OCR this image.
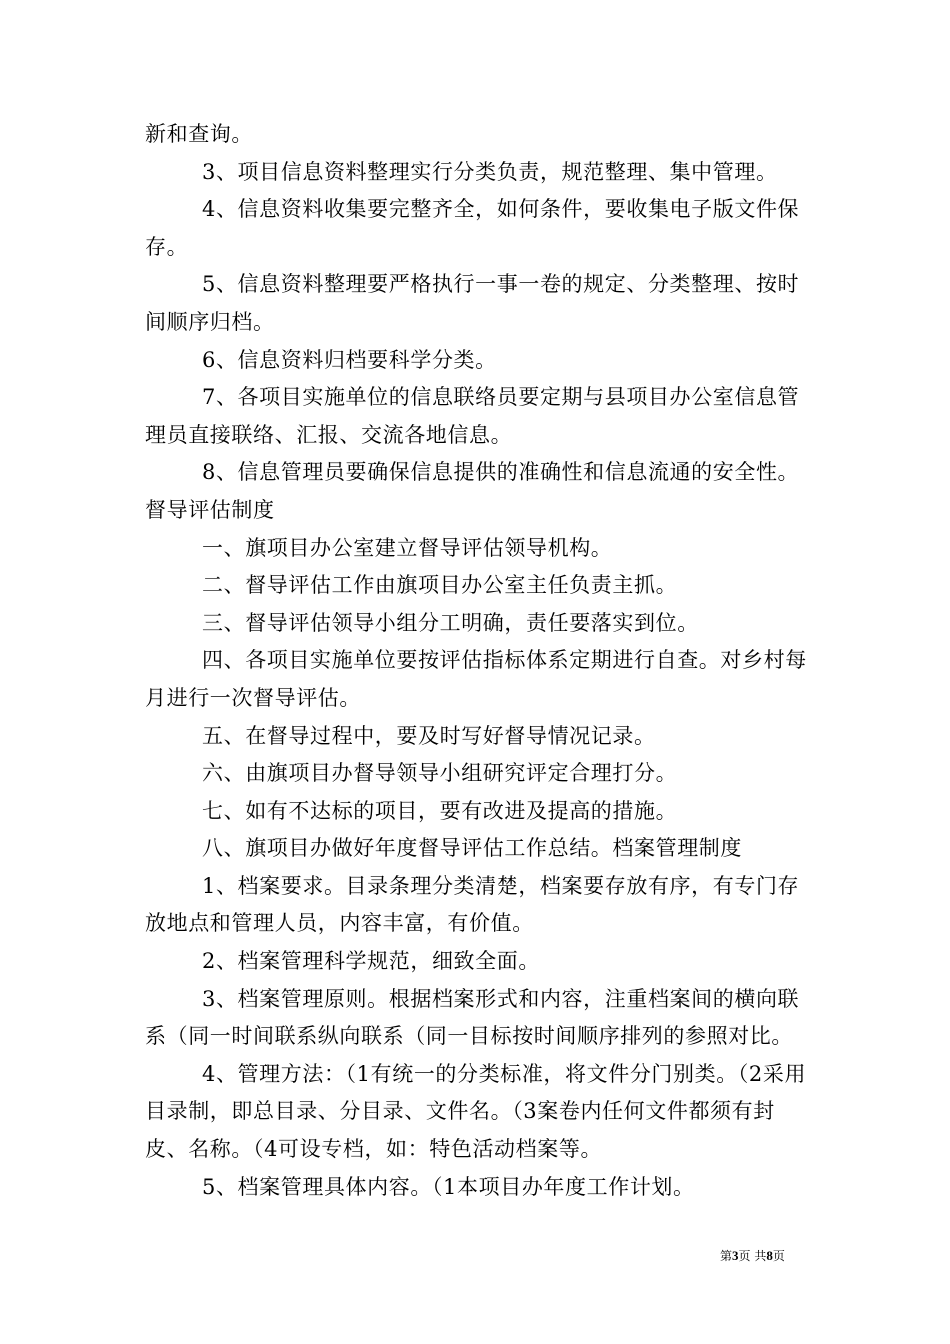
新和查询。

3、项目信息资料整理实行分类负责，规范整理、集中管理。

4、信息资料收集要完整齐全，如何条件，要收集电子版文件保存。

5、信息资料整理要严格执行一事一卷的规定、分类整理、按时间顺序归档。

6、信息资料归档要科学分类。

7、各项目实施单位的信息联络员要定期与县项目办公室信息管理员直接联络、汇报、交流各地信息。

8、信息管理员要确保信息提供的准确性和信息流通的安全性。

督导评估制度

一、旗项目办公室建立督导评估领导机构。

二、督导评估工作由旗项目办公室主任负责主抓。

三、督导评估领导小组分工明确，责任要落实到位。

四、各项目实施单位要按评估指标体系定期进行自查。对乡村每月进行一次督导评估。

五、在督导过程中，要及时写好督导情况记录。

六、由旗项目办督导领导小组研究评定合理打分。

七、如有不达标的项目，要有改进及提高的措施。

八、旗项目办做好年度督导评估工作总结。档案管理制度

1、档案要求。目录条理分类清楚，档案要存放有序，有专门存放地点和管理人员，内容丰富，有价值。

2、档案管理科学规范，细致全面。

3、档案管理原则。根据档案形式和内容，注重档案间的横向联系（同一时间联系纵向联系（同一目标按时间顺序排列的参照对比。

4、管理方法：（1有统一的分类标准，将文件分门别类。（2采用目录制，即总目录、分目录、文件名。（3案卷内任何文件都须有封皮、名称。（4可设专档，如：特色活动档案等。

5、档案管理具体内容。（1本项目办年度工作计划。

第3页 共8页
